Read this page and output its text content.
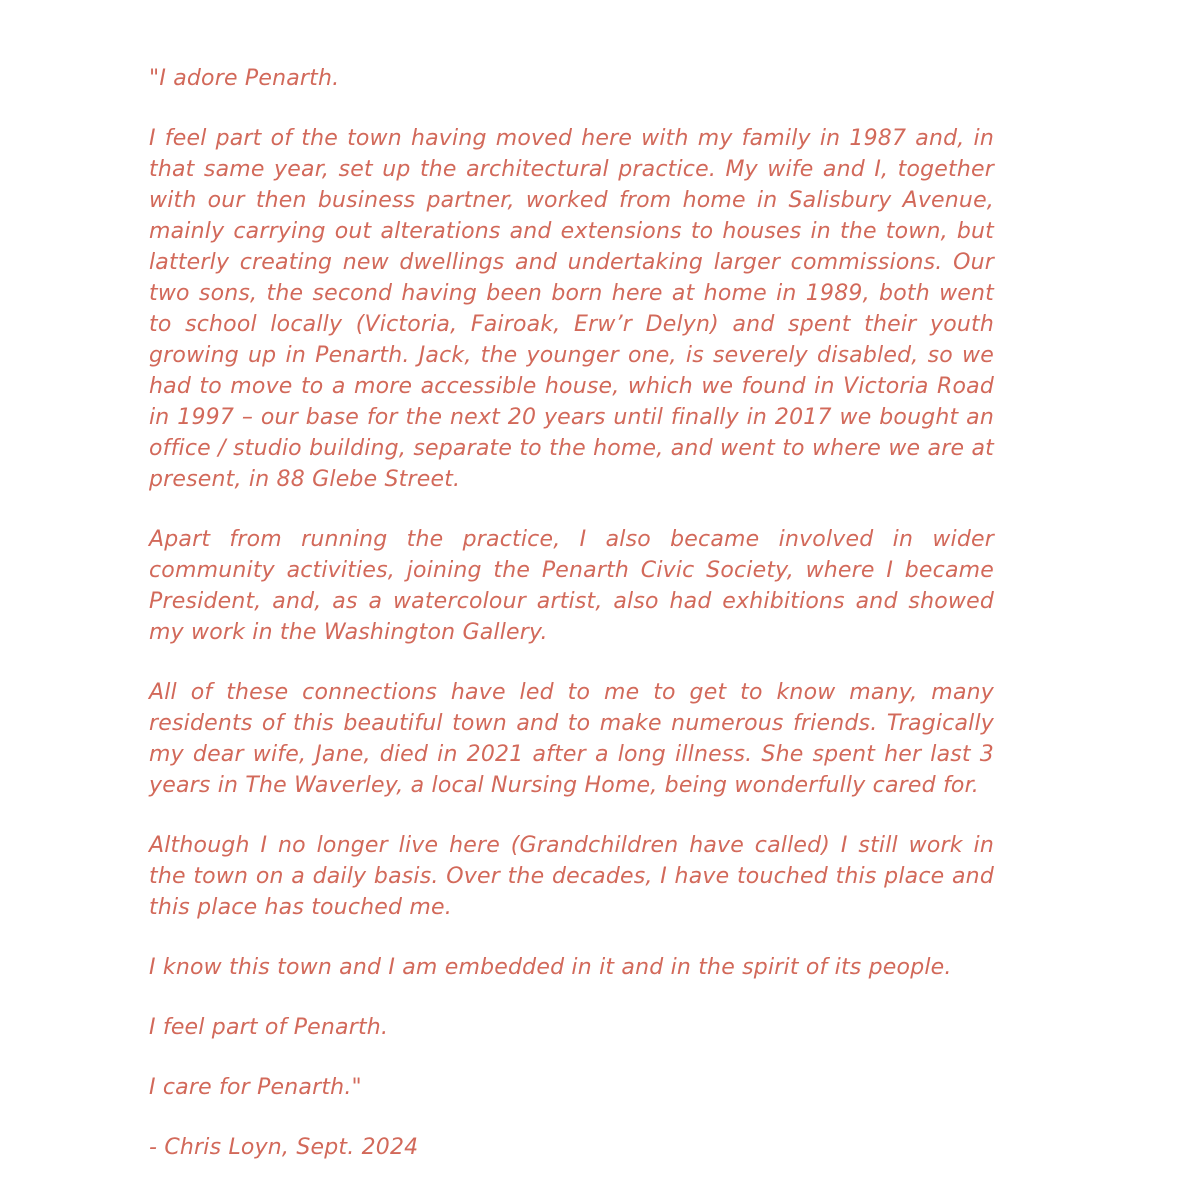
"I adore Penarth.

I feel part of the town having moved here with my family in 1987 and, in that same year, set up the architectural practice. My wife and I, together with our then business partner, worked from home in Salisbury Avenue, mainly carrying out alterations and extensions to houses in the town, but latterly creating new dwellings and undertaking larger commissions. Our two sons, the second having been born here at home in 1989, both went to school locally (Victoria, Fairoak, Erw’r Delyn) and spent their youth growing up in Penarth. Jack, the younger one, is severely disabled, so we had to move to a more accessible house, which we found in Victoria Road in 1997 – our base for the next 20 years until finally in 2017 we bought an office / studio building, separate to the home, and went to where we are at present, in 88 Glebe Street.

Apart from running the practice, I also became involved in wider community activities, joining the Penarth Civic Society, where I became President, and, as a watercolour artist, also had exhibitions and showed my work in the Washington Gallery.

All of these connections have led to me to get to know many, many residents of this beautiful town and to make numerous friends. Tragically my dear wife, Jane, died in 2021 after a long illness. She spent her last 3 years in The Waverley, a local Nursing Home, being wonderfully cared for.

Although I no longer live here (Grandchildren have called) I still work in the town on a daily basis. Over the decades, I have touched this place and this place has touched me.

I know this town and I am embedded in it and in the spirit of its people.

I feel part of Penarth.

I care for Penarth."

- Chris Loyn, Sept. 2024
